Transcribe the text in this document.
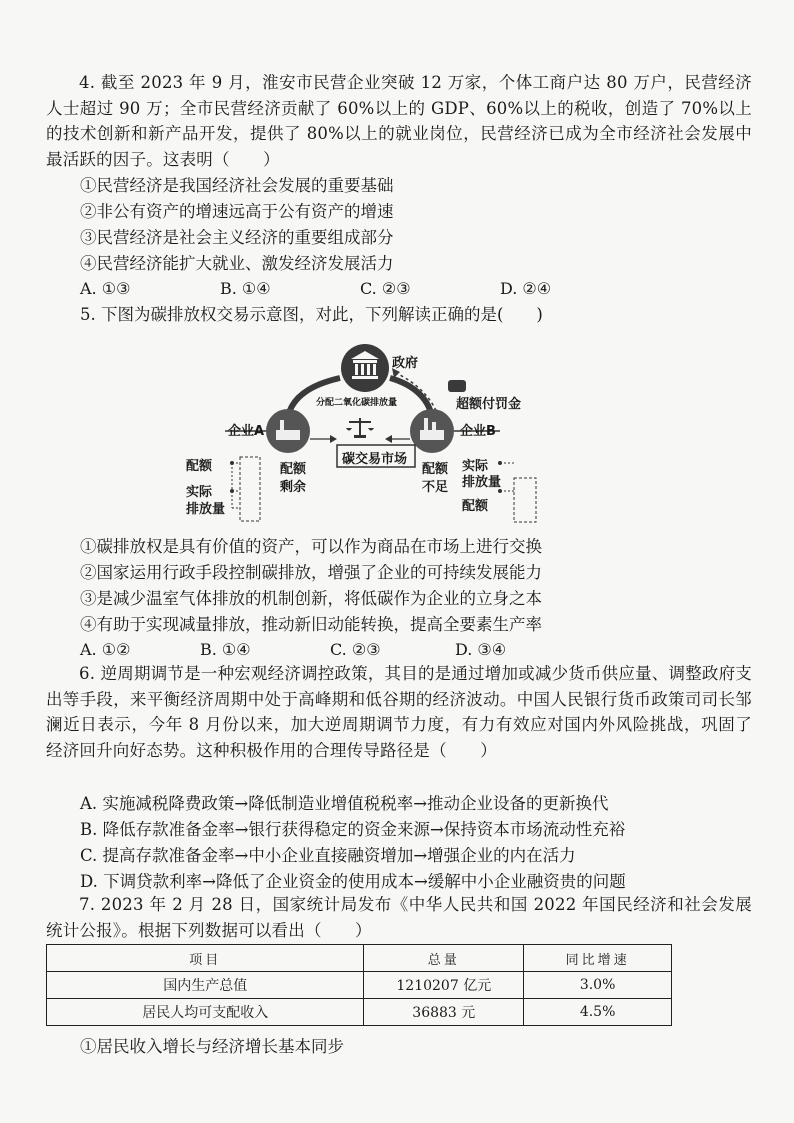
4. 截至 2023 年 9 月，淮安市民营企业突破 12 万家，个体工商户达 80 万户，民营经济人士超过 90 万；全市民营经济贡献了 60%以上的 GDP、60%以上的税收，创造了 70%以上的技术创新和新产品开发，提供了 80%以上的就业岗位，民营经济已成为全市经济社会发展中最活跃的因子。这表明（　　）
①民营经济是我国经济社会发展的重要基础
②非公有资产的增速远高于公有资产的增速
③民营经济是社会主义经济的重要组成部分
④民营经济能扩大就业、激发经济发展活力
A. ①③	B. ①④	C. ②③	D. ②④
5. 下图为碳排放权交易示意图，对此，下列解读正确的是(　　)
政府
分配二氧化碳排放量	超额付罚金
企业A	企业B
碳交易市场
配额
实际
排放量
配额
剩余
配额
不足
实际
排放量
配额
①碳排放权是具有价值的资产，可以作为商品在市场上进行交换
②国家运用行政手段控制碳排放，增强了企业的可持续发展能力
③是减少温室气体排放的机制创新，将低碳作为企业的立身之本
④有助于实现减量排放，推动新旧动能转换，提高全要素生产率
A. ①②	B. ①④	C. ②③	D. ③④
6. 逆周期调节是一种宏观经济调控政策，其目的是通过增加或减少货币供应量、调整政府支出等手段，来平衡经济周期中处于高峰期和低谷期的经济波动。中国人民银行货币政策司司长邹澜近日表示，今年 8 月份以来，加大逆周期调节力度，有力有效应对国内外风险挑战，巩固了经济回升向好态势。这种积极作用的合理传导路径是（　　）
A. 实施减税降费政策→降低制造业增值税税率→推动企业设备的更新换代
B. 降低存款准备金率→银行获得稳定的资金来源→保持资本市场流动性充裕
C. 提高存款准备金率→中小企业直接融资增加→增强企业的内在活力
D. 下调贷款利率→降低了企业资金的使用成本→缓解中小企业融资贵的问题
7. 2023 年 2 月 28 日，国家统计局发布《中华人民共和国 2022 年国民经济和社会发展统计公报》。根据下列数据可以看出（　　）
项目	总量	同比增速
国内生产总值	1210207 亿元	3.0%
居民人均可支配收入	36883 元	4.5%
①居民收入增长与经济增长基本同步
